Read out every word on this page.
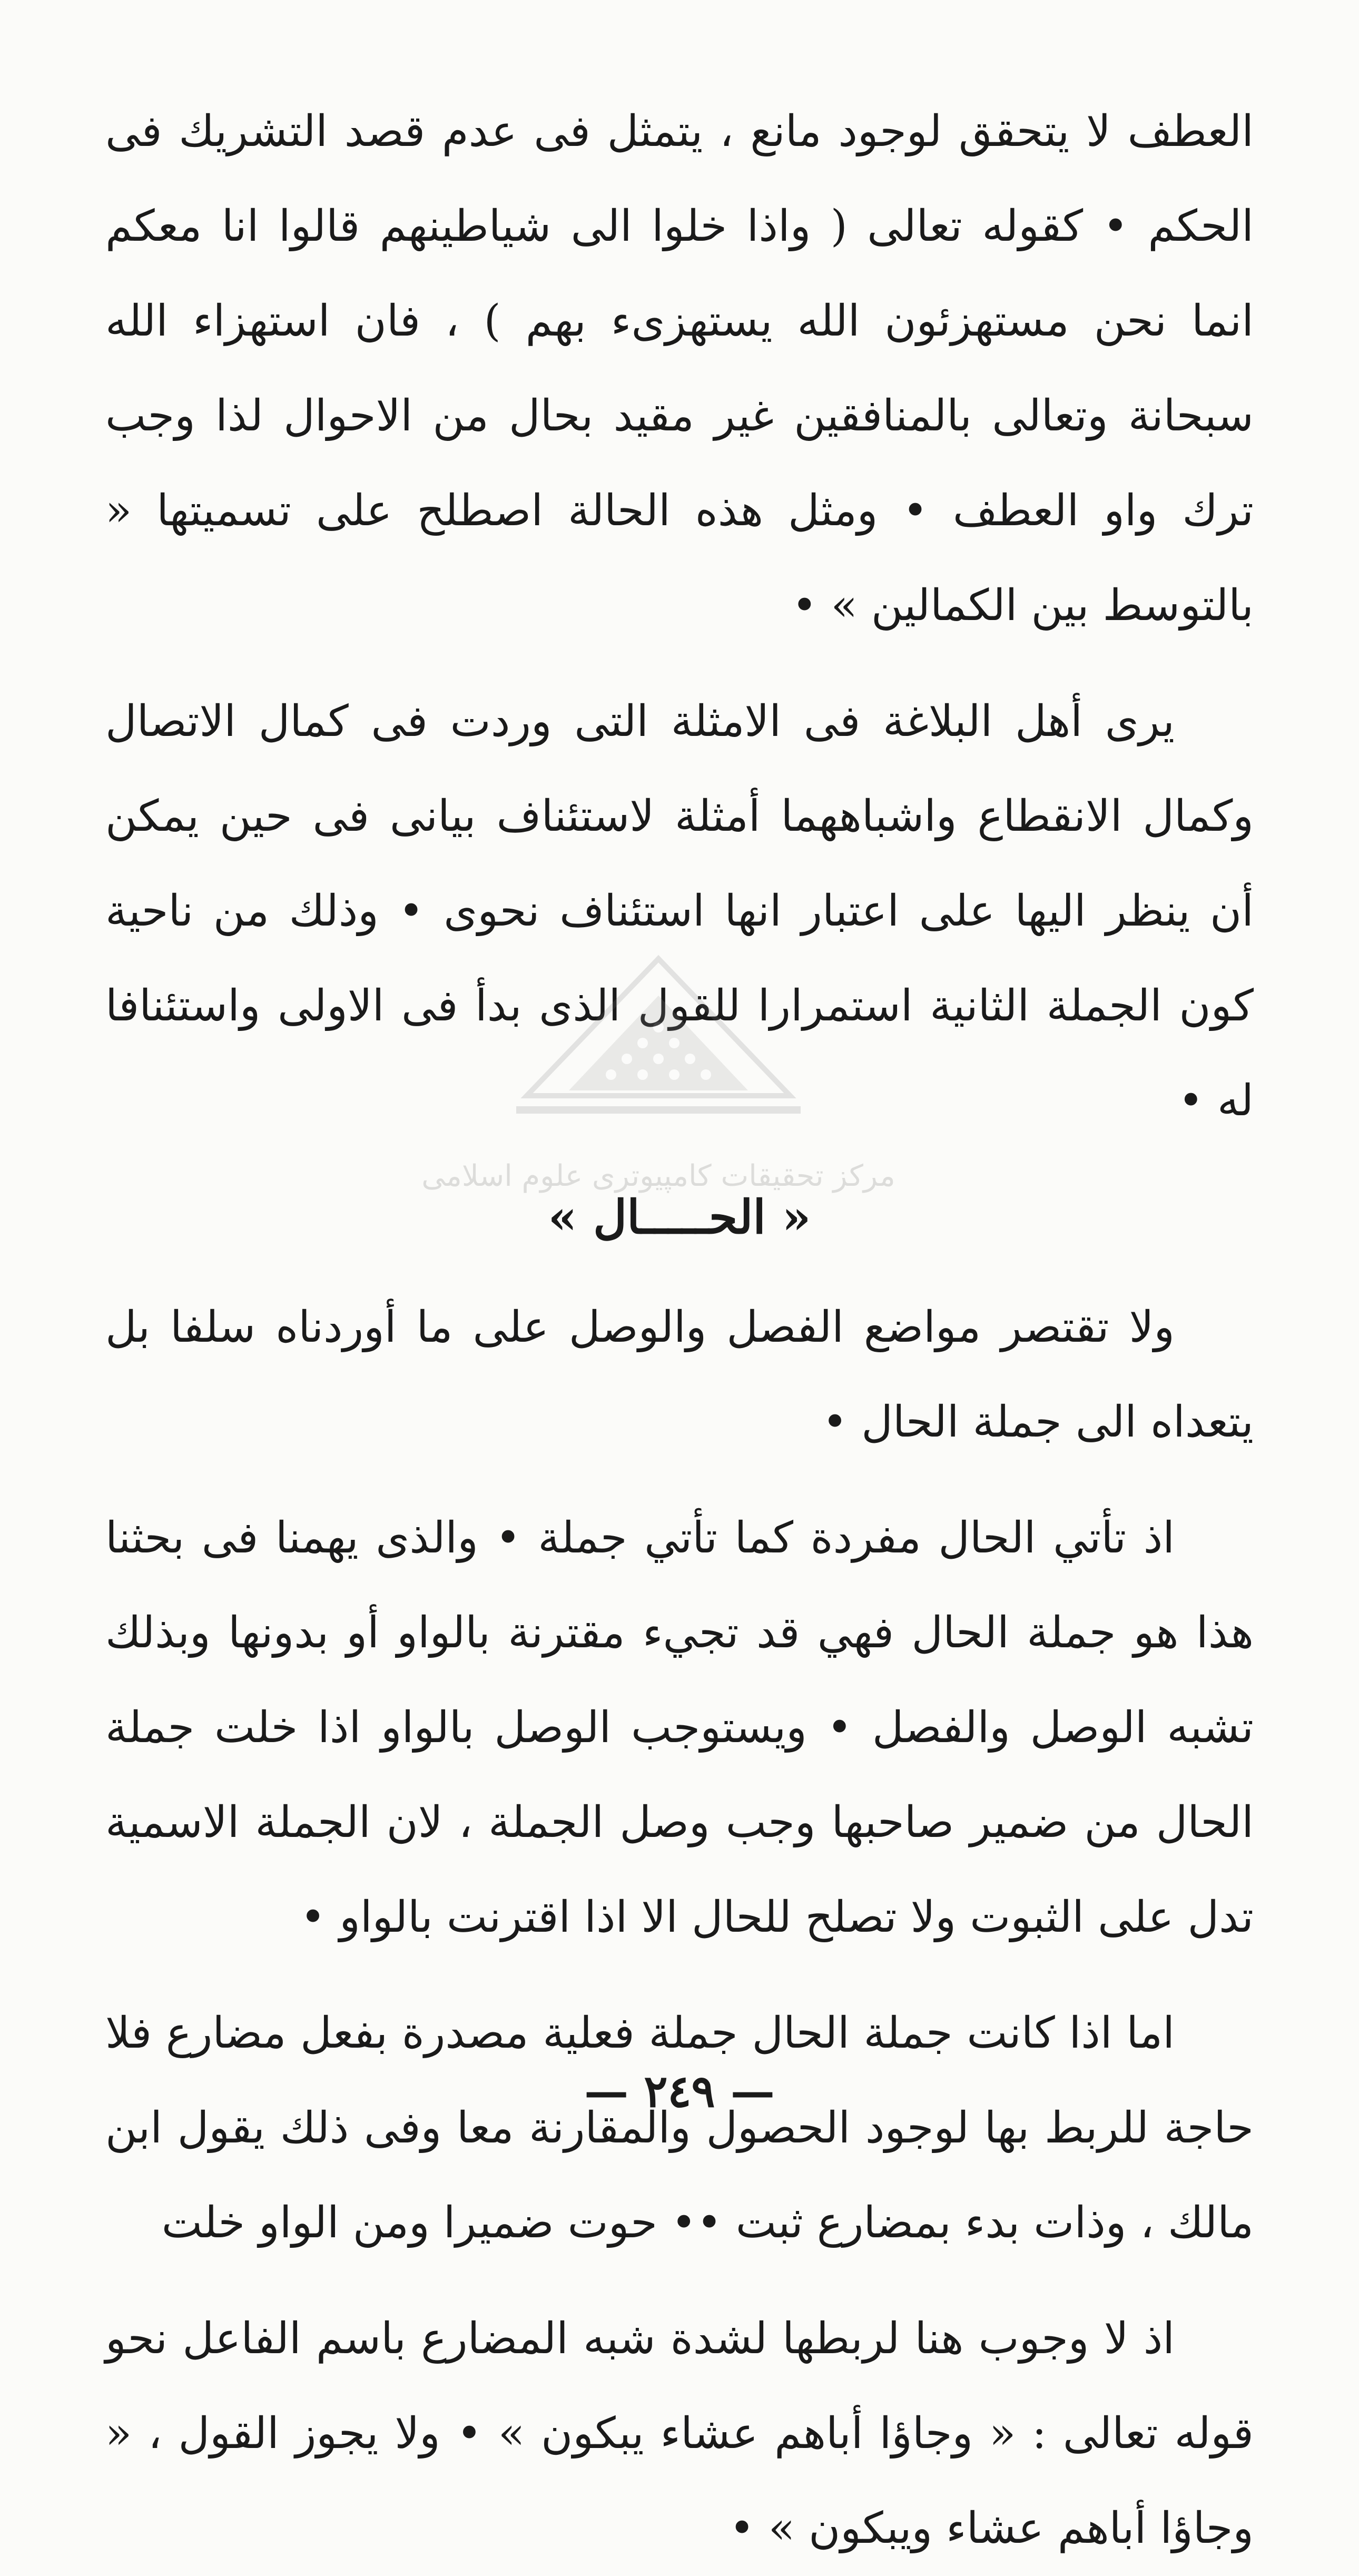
العطف لا يتحقق لوجود مانع ، يتمثل فى عدم قصد التشريك فى الحكم • كقوله تعالى ( واذا خلوا الى شياطينهم قالوا انا معكم انما نحن مستهزئون الله يستهزىء بهم ) ، فان استهزاء الله سبحانة وتعالى بالمنافقين غير مقيد بحال من الاحوال لذا وجب ترك واو العطف • ومثل هذه الحالة اصطلح على تسميتها « بالتوسط بين الكمالين » •

يرى أهل البلاغة فى الامثلة التى وردت فى كمال الاتصال وكمال الانقطاع واشباههما أمثلة لاستئناف بيانى فى حين يمكن أن ينظر اليها على اعتبار انها استئناف نحوى • وذلك من ناحية كون الجملة الثانية استمرارا للقول الذى بدأ فى الاولى واستئنافا له •

« الحـــــال »

ولا تقتصر مواضع الفصل والوصل على ما أوردناه سلفا بل يتعداه الى جملة الحال •

اذ تأتي الحال مفردة كما تأتي جملة • والذى يهمنا فى بحثنا هذا هو جملة الحال فهي قد تجيء مقترنة بالواو أو بدونها وبذلك تشبه الوصل والفصل • ويستوجب الوصل بالواو اذا خلت جملة الحال من ضمير صاحبها وجب وصل الجملة ، لان الجملة الاسمية تدل على الثبوت ولا تصلح للحال الا اذا اقترنت بالواو •

اما اذا كانت جملة الحال جملة فعلية مصدرة بفعل مضارع فلا حاجة للربط بها لوجود الحصول والمقارنة معا وفى ذلك يقول ابن مالك ، وذات بدء بمضارع ثبت •• حوت ضميرا ومن الواو خلت

اذ لا وجوب هنا لربطها لشدة شبه المضارع باسم الفاعل نحو قوله تعالى : « وجاؤا أباهم عشاء يبكون » • ولا يجوز القول ، « وجاؤا أباهم عشاء ويبكون » •

مركز تحقيقات كامپيوترى علوم اسلامى
— ٢٤٩ —
